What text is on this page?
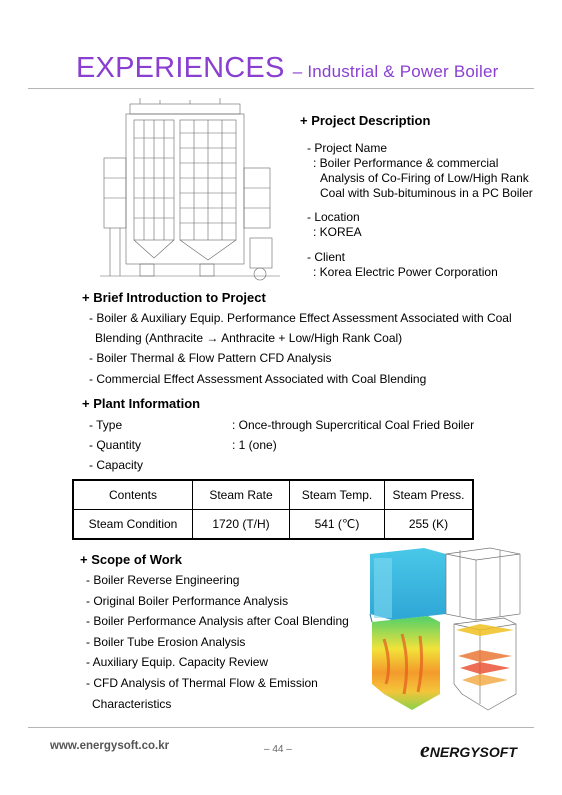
EXPERIENCES – Industrial & Power Boiler
+ Project Description
- Project Name
: Boiler Performance & commercial
Analysis of Co-Firing of Low/High Rank
Coal with Sub-bituminous in a PC Boiler
- Location
: KOREA
- Client
: Korea Electric Power Corporation
+ Brief Introduction to Project
- Boiler & Auxiliary Equip. Performance Effect Assessment Associated with Coal
Blending (Anthracite → Anthracite + Low/High Rank Coal)
- Boiler Thermal & Flow Pattern CFD Analysis
- Commercial Effect Assessment Associated with Coal Blending
+ Plant Information
- Type	: Once-through Supercritical Coal Fried Boiler
- Quantity	: 1 (one)
- Capacity
Contents	Steam Rate	Steam Temp.	Steam Press.
Steam Condition	1720 (T/H)	541 (℃)	255 (K)
+ Scope of Work
- Boiler Reverse Engineering
- Original Boiler Performance Analysis
- Boiler Performance Analysis after Coal Blending
- Boiler Tube Erosion Analysis
- Auxiliary Equip. Capacity Review
- CFD Analysis of Thermal Flow & Emission
Characteristics
www.energysoft.co.kr	– 44 –	eNERGYSOFT
